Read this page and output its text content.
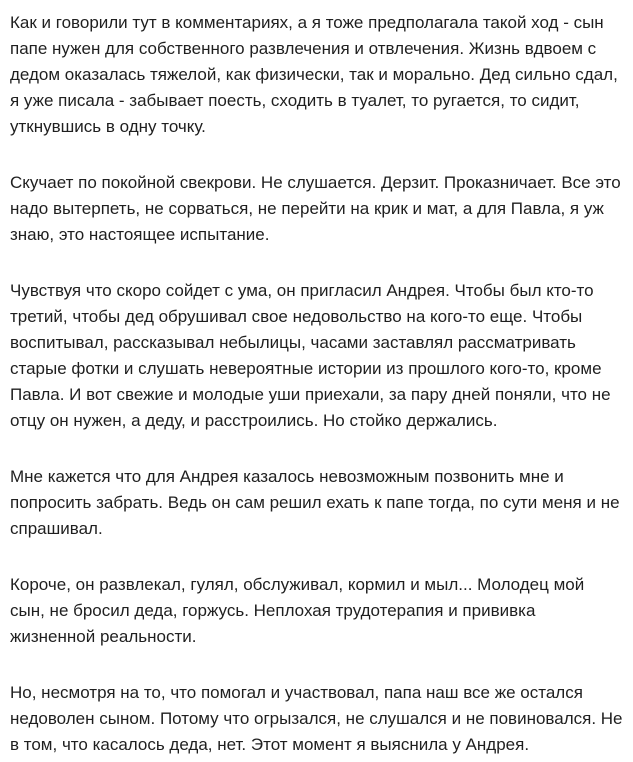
Как и говорили тут в комментариях, а я тоже предполагала такой ход - сын папе нужен для собственного развлечения и отвлечения. Жизнь вдвоем с дедом оказалась тяжелой, как физически, так и морально. Дед сильно сдал, я уже писала - забывает поесть, сходить в туалет, то ругается, то сидит, уткнувшись в одну точку.

Скучает по покойной свекрови. Не слушается. Дерзит. Проказничает. Все это надо вытерпеть, не сорваться, не перейти на крик и мат, а для Павла, я уж знаю, это настоящее испытание.

Чувствуя что скоро сойдет с ума, он пригласил Андрея. Чтобы был кто-то третий, чтобы дед обрушивал свое недовольство на кого-то еще. Чтобы воспитывал, рассказывал небылицы, часами заставлял рассматривать старые фотки и слушать невероятные истории из прошлого кого-то, кроме Павла. И вот свежие и молодые уши приехали, за пару дней поняли, что не отцу он нужен, а деду, и расстроились. Но стойко держались.

Мне кажется что для Андрея казалось невозможным позвонить мне и попросить забрать. Ведь он сам решил ехать к папе тогда, по сути меня и не спрашивал.

Короче, он развлекал, гулял, обслуживал, кормил и мыл... Молодец мой сын, не бросил деда, горжусь. Неплохая трудотерапия и прививка жизненной реальности.

Но, несмотря на то, что помогал и участвовал, папа наш все же остался недоволен сыном. Потому что огрызался, не слушался и не повиновался. Не в том, что касалось деда, нет. Этот момент я выяснила у Андрея.
